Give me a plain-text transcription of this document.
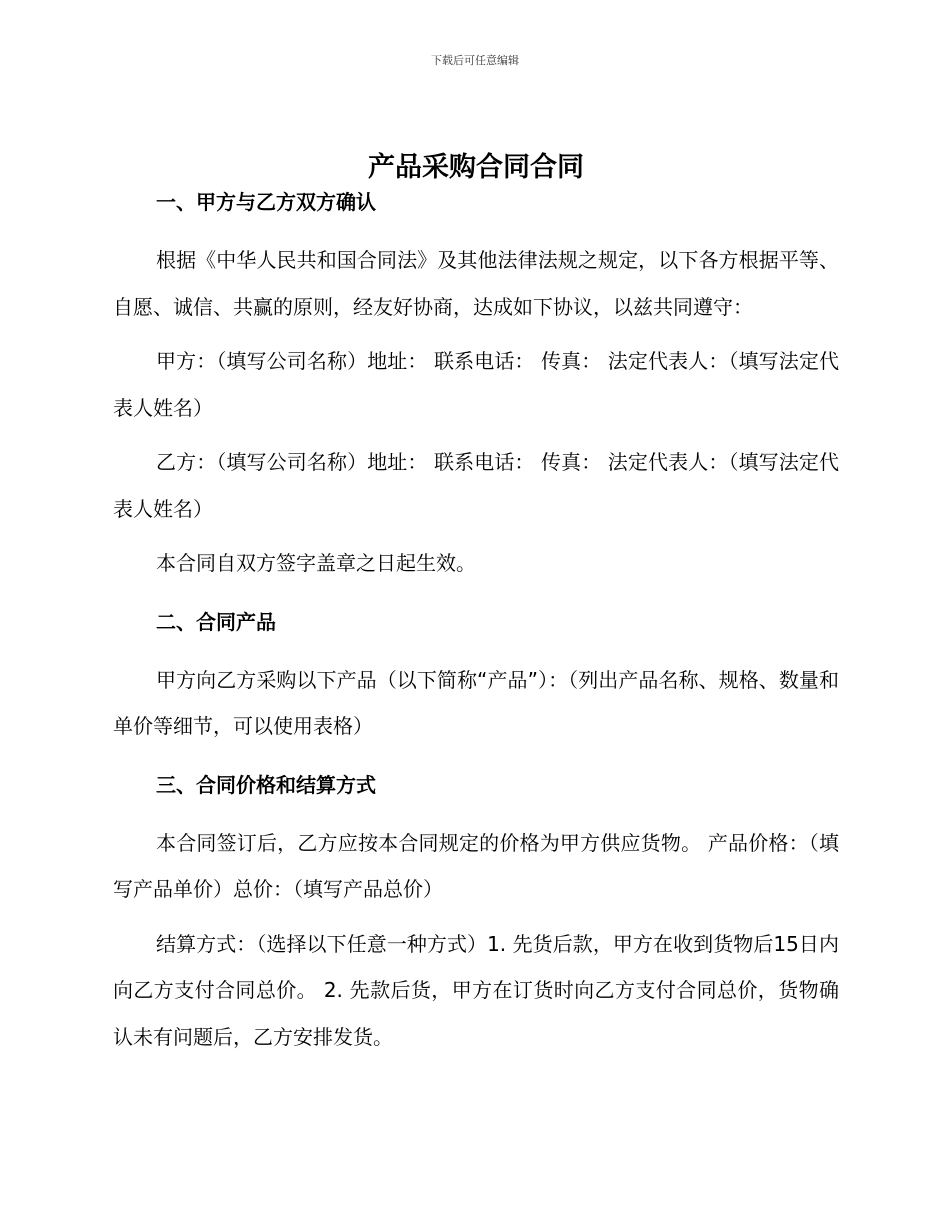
下载后可任意编辑
产品采购合同合同
一、甲方与乙方双方确认

根据《中华人民共和国合同法》及其他法律法规之规定，以下各方根据平等、自愿、诚信、共赢的原则，经友好协商，达成如下协议，以兹共同遵守：

甲方：（填写公司名称）地址： 联系电话： 传真： 法定代表人：（填写法定代表人姓名）

乙方：（填写公司名称）地址： 联系电话： 传真： 法定代表人：（填写法定代表人姓名）

本合同自双方签字盖章之日起生效。

二、合同产品

甲方向乙方采购以下产品（以下简称“产品”）：（列出产品名称、规格、数量和单价等细节，可以使用表格）

三、合同价格和结算方式

本合同签订后，乙方应按本合同规定的价格为甲方供应货物。 产品价格：（填写产品单价）总价：（填写产品总价）

结算方式：（选择以下任意一种方式）1. 先货后款，甲方在收到货物后15日内向乙方支付合同总价。 2. 先款后货，甲方在订货时向乙方支付合同总价，货物确认未有问题后，乙方安排发货。
